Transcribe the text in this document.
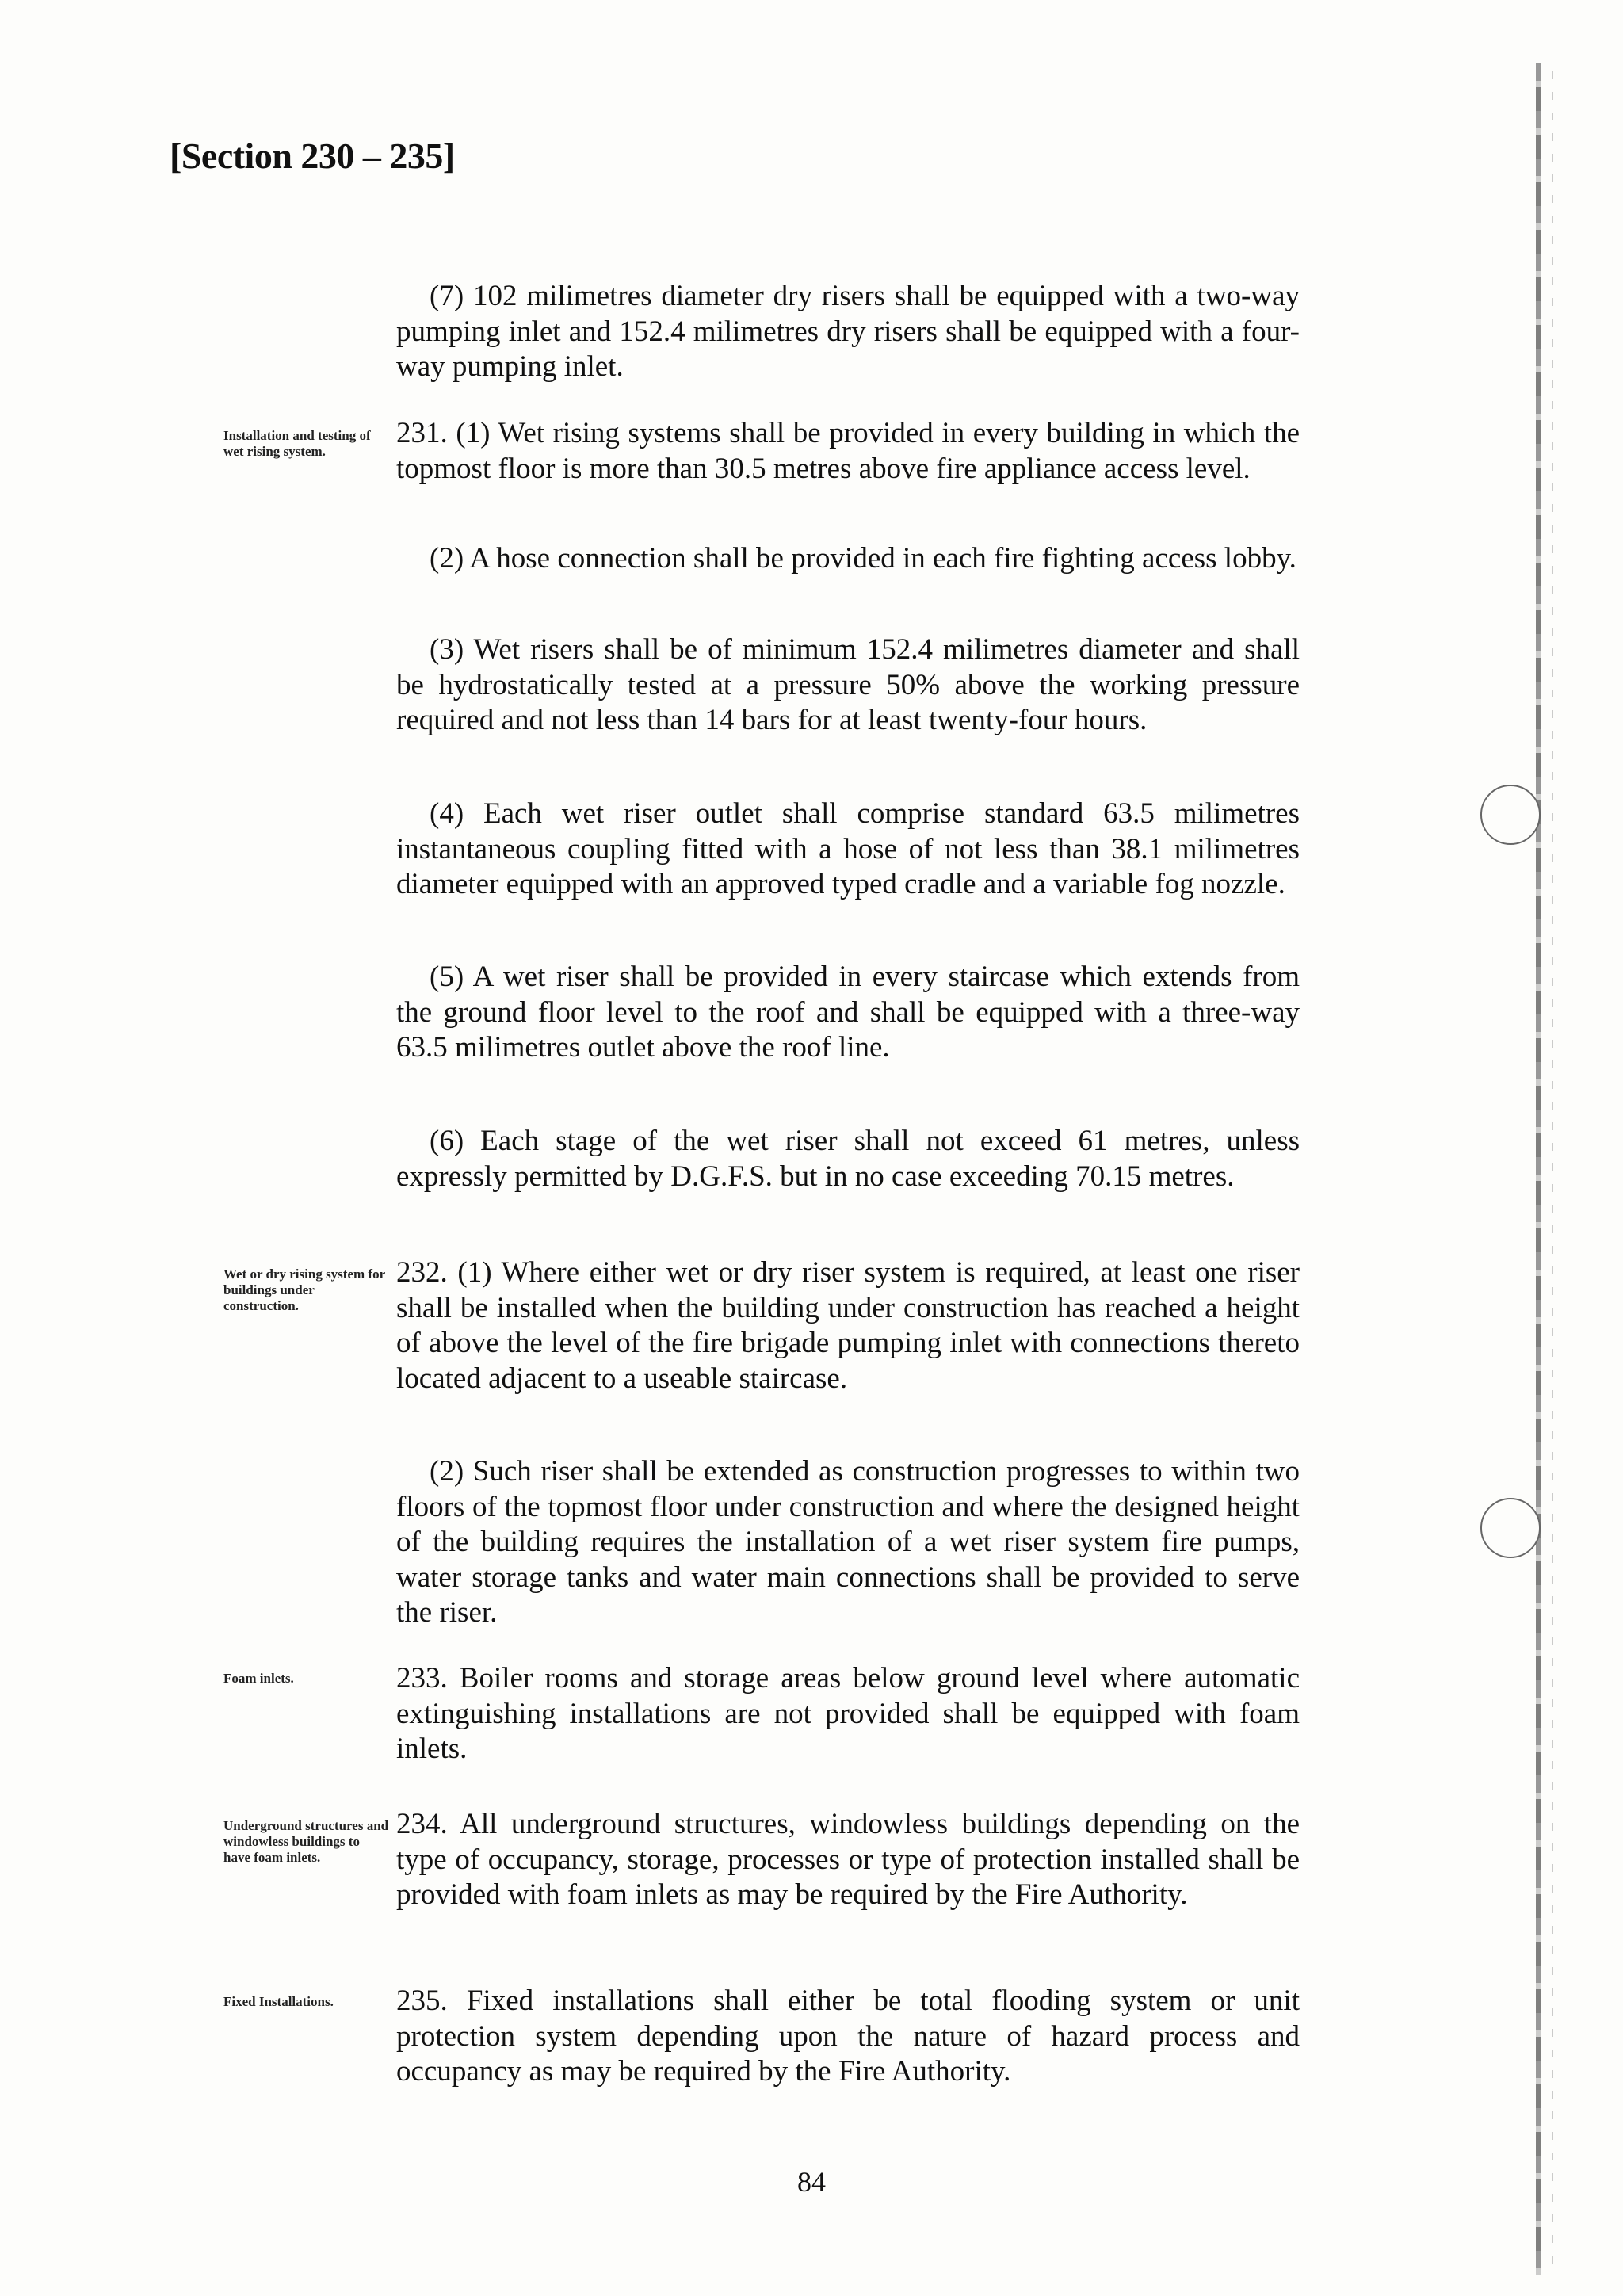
[Section 230 – 235]
(7) 102 milimetres diameter dry risers shall be equipped with a two-way pumping inlet and 152.4 milimetres dry risers shall be equipped with a four-way pumping inlet.
Installation and testing of wet rising system.
231. (1) Wet rising systems shall be provided in every building in which the topmost floor is more than 30.5 metres above fire appliance access level.
(2) A hose connection shall be provided in each fire fighting access lobby.
(3) Wet risers shall be of minimum 152.4 milimetres diameter and shall be hydrostatically tested at a pressure 50% above the working pressure required and not less than 14 bars for at least twenty-four hours.
(4) Each wet riser outlet shall comprise standard 63.5 milimetres instantaneous coupling fitted with a hose of not less than 38.1 milimetres diameter equipped with an approved typed cradle and a variable fog nozzle.
(5) A wet riser shall be provided in every staircase which extends from the ground floor level to the roof and shall be equipped with a three-way 63.5 milimetres outlet above the roof line.
(6) Each stage of the wet riser shall not exceed 61 metres, unless expressly permitted by D.G.F.S. but in no case exceeding 70.15 metres.
Wet or dry rising system for buildings under construction.
232. (1) Where either wet or dry riser system is required, at least one riser shall be installed when the building under construction has reached a height of above the level of the fire brigade pumping inlet with connections thereto located adjacent to a useable staircase.
(2) Such riser shall be extended as construction progresses to within two floors of the topmost floor under construction and where the designed height of the building requires the installation of a wet riser system fire pumps, water storage tanks and water main connections shall be provided to serve the riser.
Foam inlets.	233. Boiler rooms and storage areas below ground level where automatic extinguishing installations are not provided shall be equipped with foam inlets.
Underground structures and windowless buildings to have foam inlets.
234. All underground structures, windowless buildings depending on the type of occupancy, storage, processes or type of protection installed shall be provided with foam inlets as may be required by the Fire Authority.
Fixed Installations.	235. Fixed installations shall either be total flooding system or unit protection system depending upon the nature of hazard process and occupancy as may be required by the Fire Authority.
84
